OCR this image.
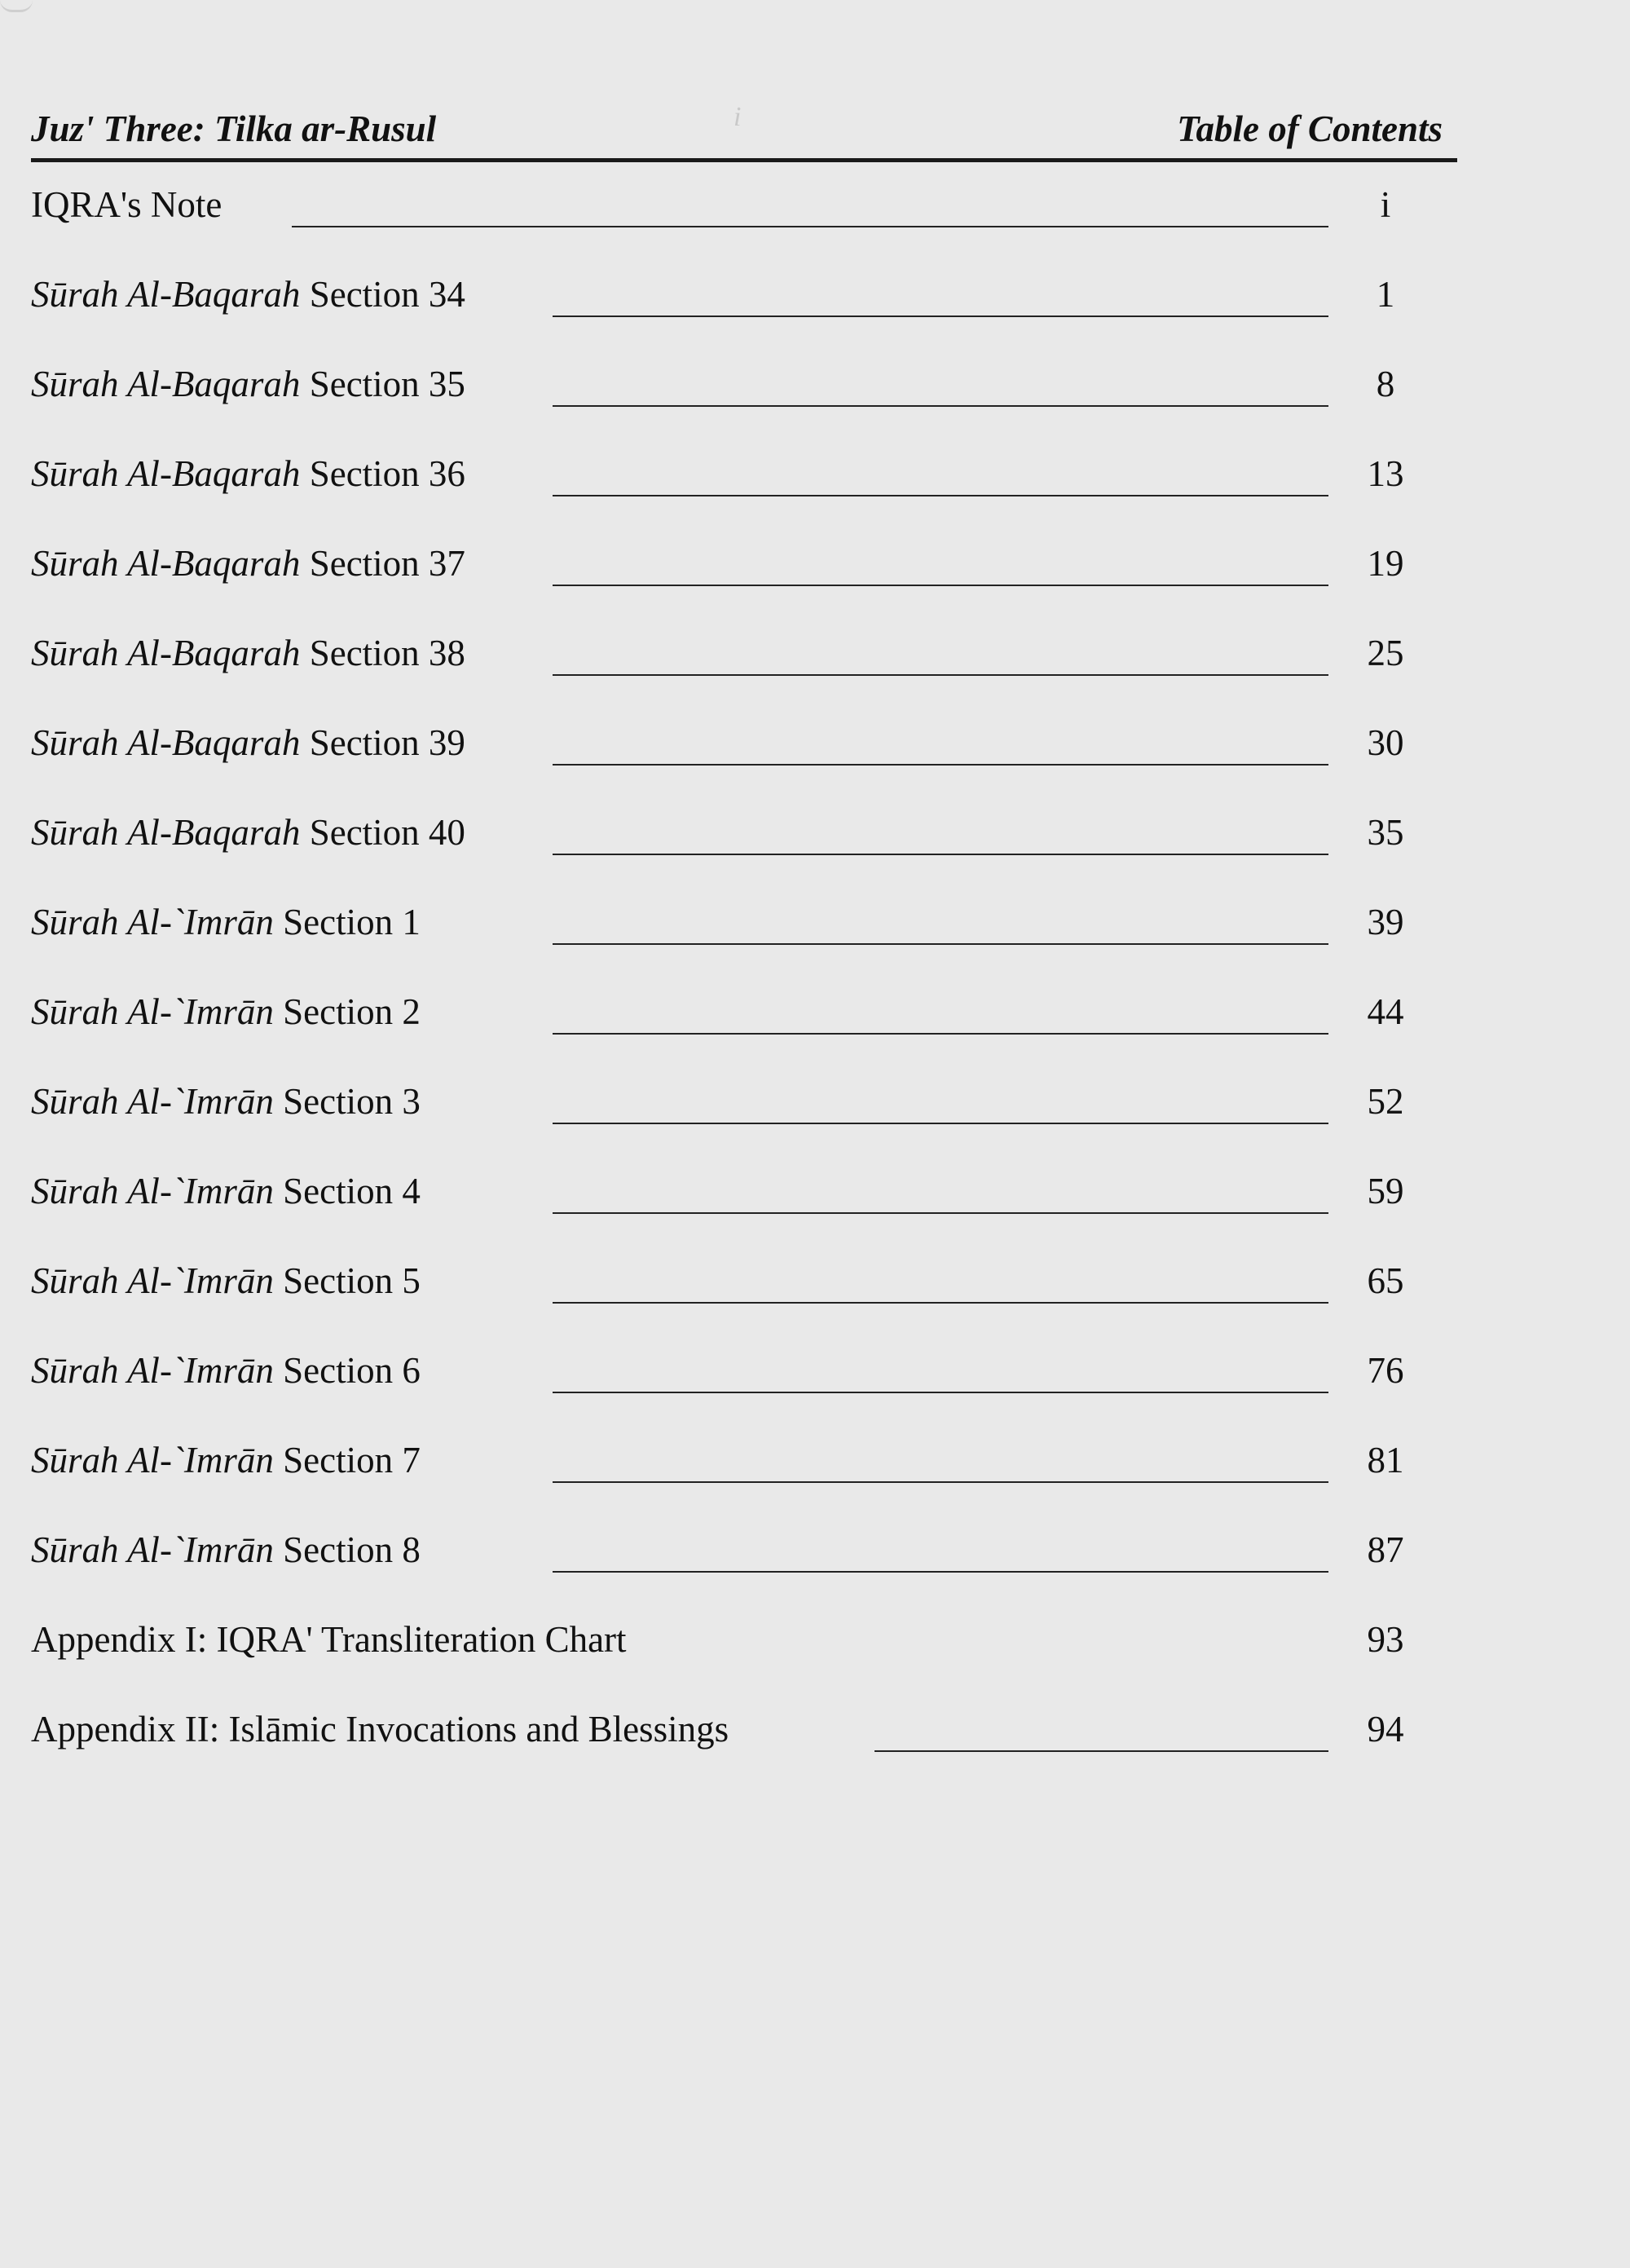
i
Juz' Three: Tilka ar-Rusul	Table of Contents
IQRA's Note	i
Sūrah Al-Baqarah Section 34	1
Sūrah Al-Baqarah Section 35	8
Sūrah Al-Baqarah Section 36	13
Sūrah Al-Baqarah Section 37	19
Sūrah Al-Baqarah Section 38	25
Sūrah Al-Baqarah Section 39	30
Sūrah Al-Baqarah Section 40	35
Sūrah Al-`Imrān Section 1	39
Sūrah Al-`Imrān Section 2	44
Sūrah Al-`Imrān Section 3	52
Sūrah Al-`Imrān Section 4	59
Sūrah Al-`Imrān Section 5	65
Sūrah Al-`Imrān Section 6	76
Sūrah Al-`Imrān Section 7	81
Sūrah Al-`Imrān Section 8	87
Appendix I: IQRA' Transliteration Chart	93
Appendix II: Islāmic Invocations and Blessings	94
